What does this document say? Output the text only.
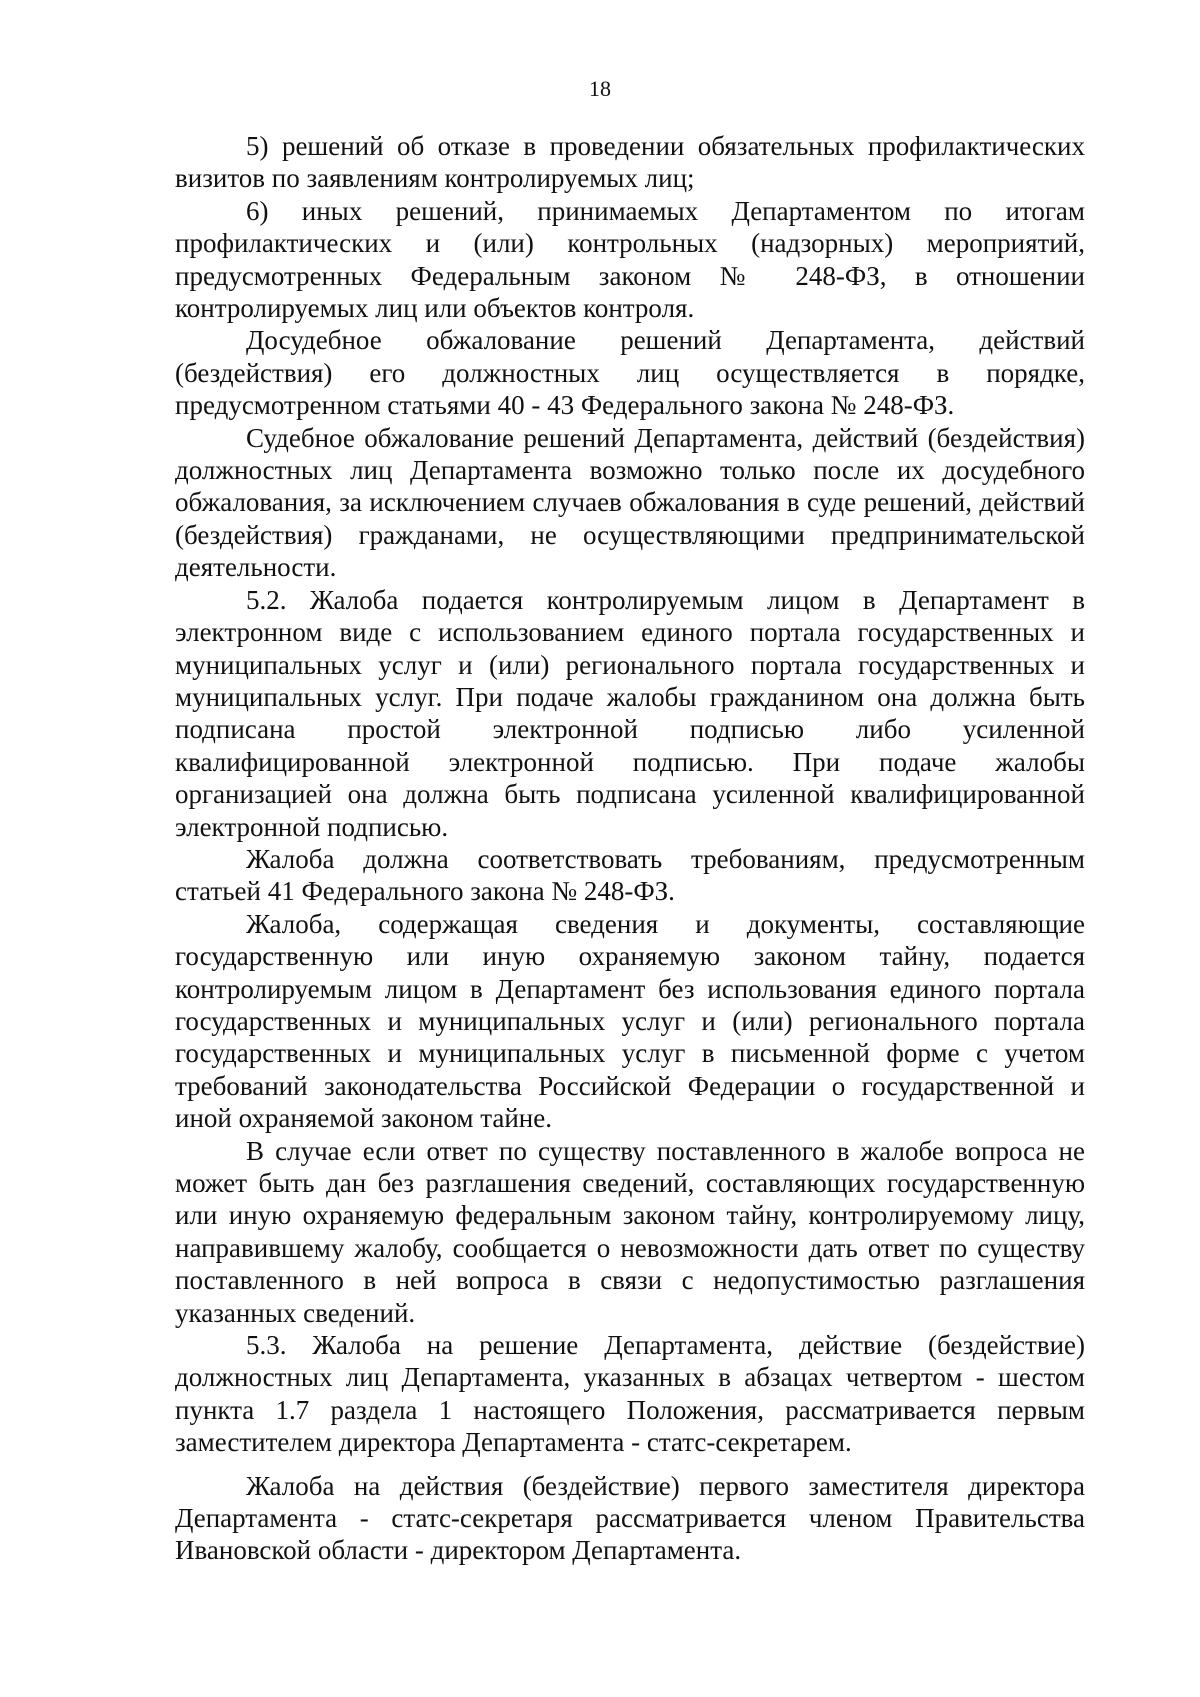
18

5) решений об отказе в проведении обязательных профилактических визитов по заявлениям контролируемых лиц;

6) иных решений, принимаемых Департаментом по итогам профилактических и (или) контрольных (надзорных) мероприятий, предусмотренных Федеральным законом № 248-ФЗ, в отношении контролируемых лиц или объектов контроля.

Досудебное обжалование решений Департамента, действий (бездействия) его должностных лиц осуществляется в порядке, предусмотренном статьями 40 - 43 Федерального закона № 248-ФЗ.

Судебное обжалование решений Департамента, действий (бездействия) должностных лиц Департамента возможно только после их досудебного обжалования, за исключением случаев обжалования в суде решений, действий (бездействия) гражданами, не осуществляющими предпринимательской деятельности.

5.2. Жалоба подается контролируемым лицом в Департамент в электронном виде с использованием единого портала государственных и муниципальных услуг и (или) регионального портала государственных и муниципальных услуг. При подаче жалобы гражданином она должна быть подписана простой электронной подписью либо усиленной квалифицированной электронной подписью. При подаче жалобы организацией она должна быть подписана усиленной квалифицированной электронной подписью.

Жалоба должна соответствовать требованиям, предусмотренным статьей 41 Федерального закона № 248-ФЗ.

Жалоба, содержащая сведения и документы, составляющие государственную или иную охраняемую законом тайну, подается контролируемым лицом в Департамент без использования единого портала государственных и муниципальных услуг и (или) регионального портала государственных и муниципальных услуг в письменной форме с учетом требований законодательства Российской Федерации о государственной и иной охраняемой законом тайне.

В случае если ответ по существу поставленного в жалобе вопроса не может быть дан без разглашения сведений, составляющих государственную или иную охраняемую федеральным законом тайну, контролируемому лицу, направившему жалобу, сообщается о невозможности дать ответ по существу поставленного в ней вопроса в связи с недопустимостью разглашения указанных сведений.

5.3. Жалоба на решение Департамента, действие (бездействие) должностных лиц Департамента, указанных в абзацах четвертом - шестом пункта 1.7 раздела 1 настоящего Положения, рассматривается первым заместителем директора Департамента - статс-секретарем.

Жалоба на действия (бездействие) первого заместителя директора Департамента - статс-секретаря рассматривается членом Правительства Ивановской области - директором Департамента.
